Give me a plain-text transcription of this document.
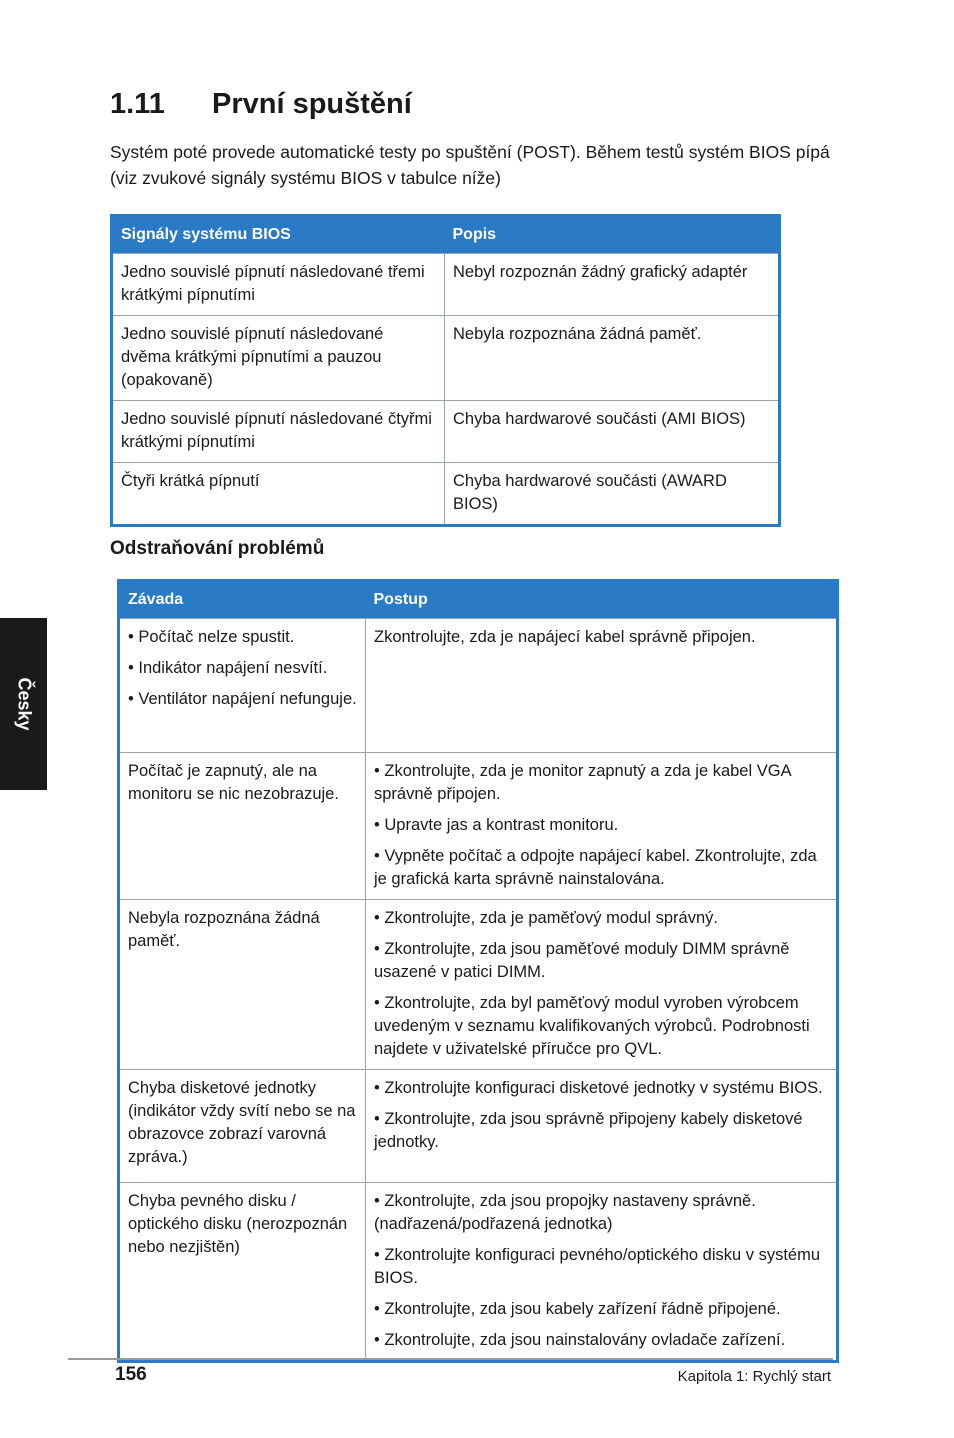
1.11 První spuštění
Systém poté provede automatické testy po spuštění (POST). Během testů systém BIOS pípá (viz zvukové signály systému BIOS v tabulce níže)
Signály systému BIOS	Popis
Jedno souvislé pípnutí následované třemi krátkými pípnutími	Nebyl rozpoznán žádný grafický adaptér
Jedno souvislé pípnutí následované dvěma krátkými pípnutími a pauzou (opakovaně)	Nebyla rozpoznána žádná paměť.
Jedno souvislé pípnutí následované čtyřmi krátkými pípnutími	Chyba hardwarové součásti (AMI BIOS)
Čtyři krátká pípnutí	Chyba hardwarové součásti (AWARD BIOS)
Odstraňování problémů
Závada	Postup

• Počítač nelze spustit.

• Indikátor napájení nesvítí.

• Ventilátor napájení nefunguje.	Zkontrolujte, zda je napájecí kabel správně připojen.

Počítač je zapnutý, ale na monitoru se nic nezobrazuje.	• Zkontrolujte, zda je monitor zapnutý a zda je kabel VGA správně připojen.

• Upravte jas a kontrast monitoru.

• Vypněte počítač a odpojte napájecí kabel. Zkontrolujte, zda je grafická karta správně nainstalována.

Nebyla rozpoznána žádná paměť.	• Zkontrolujte, zda je paměťový modul správný.

• Zkontrolujte, zda jsou paměťové moduly DIMM správně usazené v patici DIMM.

• Zkontrolujte, zda byl paměťový modul vyroben výrobcem uvedeným v seznamu kvalifikovaných výrobců. Podrobnosti najdete v uživatelské příručce pro QVL.

Chyba disketové jednotky (indikátor vždy svítí nebo se na obrazovce zobrazí varovná zpráva.)	• Zkontrolujte konfiguraci disketové jednotky v systému BIOS.

• Zkontrolujte, zda jsou správně připojeny kabely disketové jednotky.

Chyba pevného disku / optického disku (nerozpoznán nebo nezjištěn)	• Zkontrolujte, zda jsou propojky nastaveny správně. (nadřazená/podřazená jednotka)

• Zkontrolujte konfiguraci pevného/optického disku v systému BIOS.

• Zkontrolujte, zda jsou kabely zařízení řádně připojené.

• Zkontrolujte, zda jsou nainstalovány ovladače zařízení.

Česky
156	Kapitola 1: Rychlý start
